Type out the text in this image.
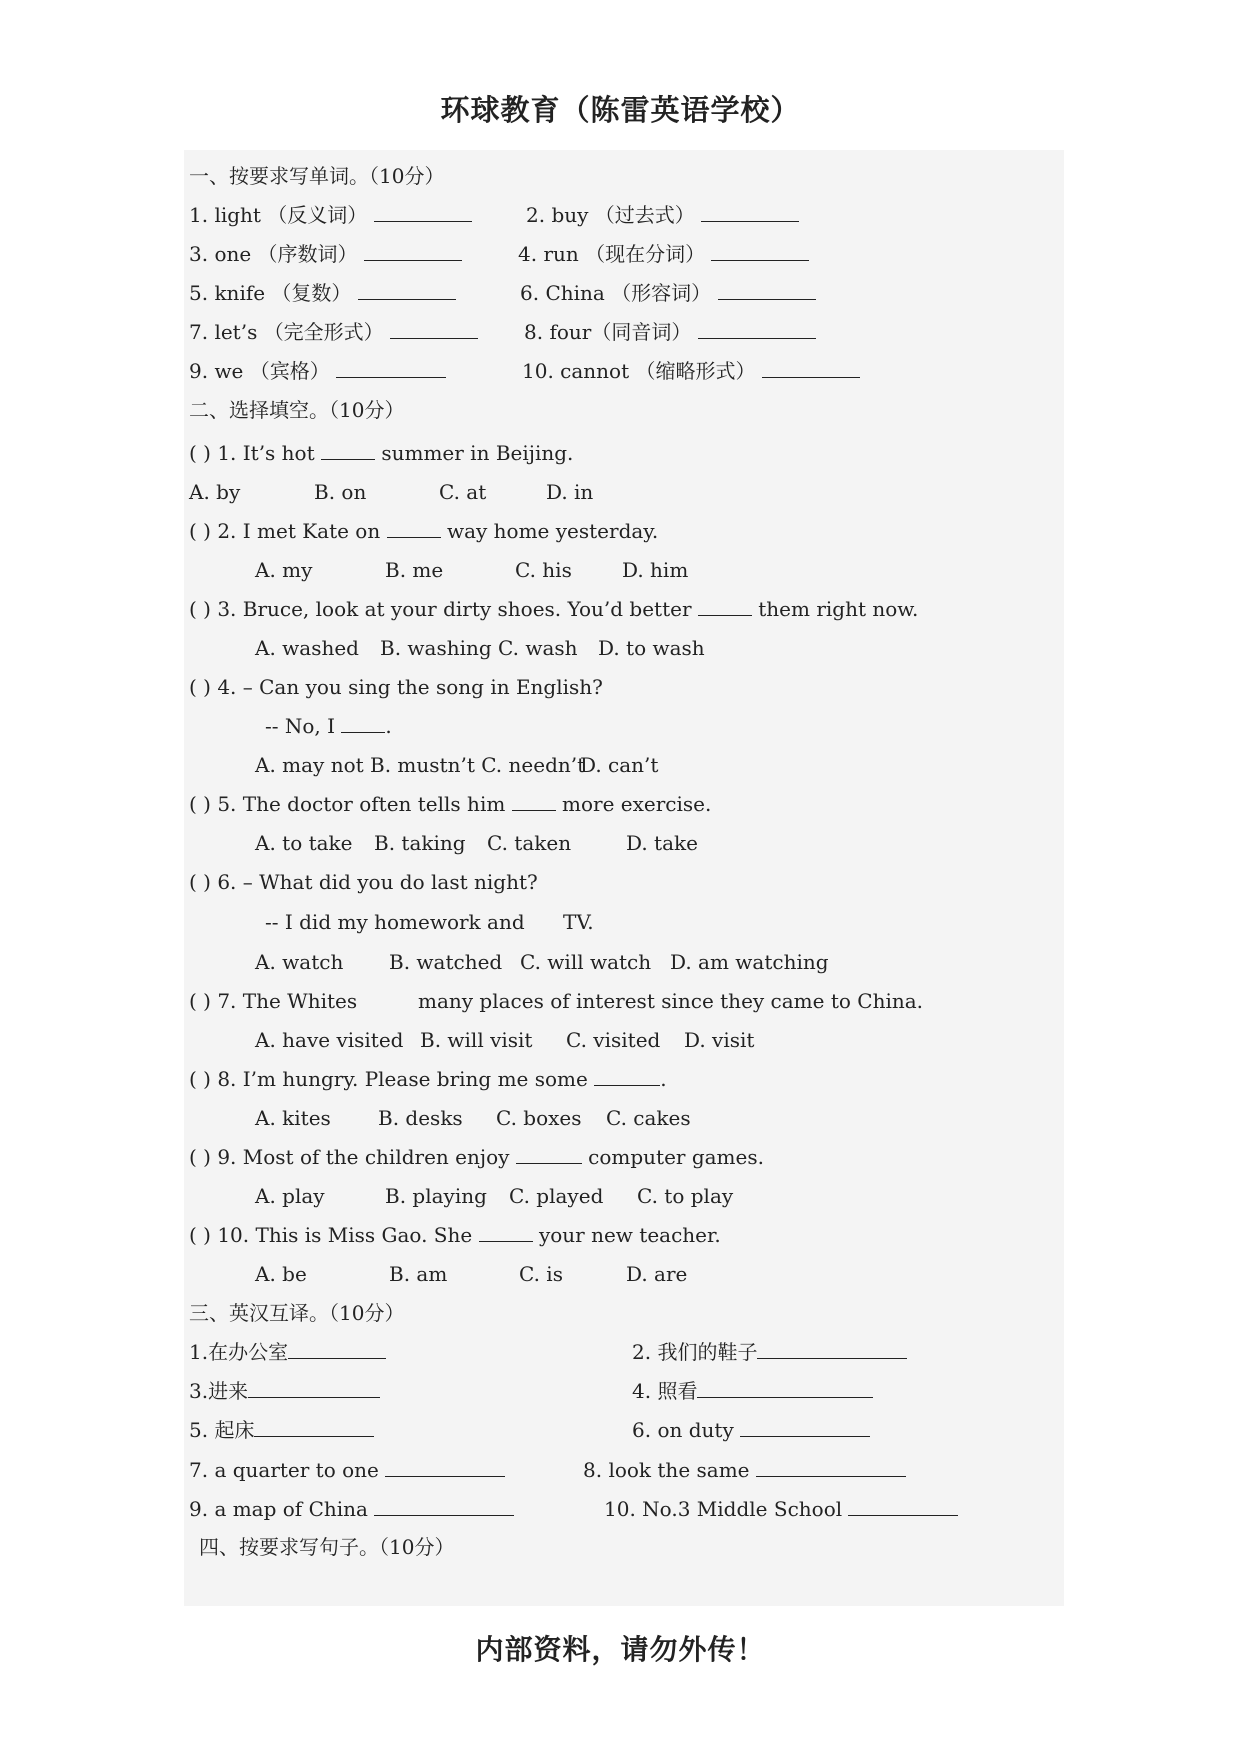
环球教育（陈雷英语学校）
一、按要求写单词。（10分）
1. light （反义词）	2. buy （过去式）
3. one （序数词）	4. run （现在分词）
5. knife （复数）	6. China （形容词）
7. let’s （完全形式）	8. four（同音词）
9. we （宾格）	10. cannot （缩略形式）
二、选择填空。（10分）
( ) 1. It’s hot	summer in Beijing.
A. by	B. on	C. at	D. in
( ) 2. I met Kate on	way home yesterday.
A. my	B. me	C. his	D. him
( ) 3. Bruce, look at your dirty shoes. You’d better	them right now.
A. washed B. washing C. wash D. to wash
( ) 4. – Can you sing the song in English?
-- No, I .
A. may not B. mustn’t C. needn’t
D. can’t
( ) 5. The doctor often tells him  more exercise.
A. to take B. taking C. taken	D. take
( ) 6. – What did you do last night?
-- I did my homework and TV.
A. watch B. watched C. will watch D. am watching
( ) 7. The Whites	many places of interest since they came to China.
A. have visited B. will visit C. visited D. visit
( ) 8. I’m hungry. Please bring me some	.
A. kites B. desks C. boxes C. cakes
( ) 9. Most of the children enjoy	computer games.
A. play	B. playing C. played C. to play
( ) 10. This is Miss Gao. She	your new teacher.
A. be	B. am	C. is	D. are
三、英汉互译。（10分）
1.在办公室	2. 我们的鞋子
3.进来	4. 照看
5. 起床	6. on duty
7. a quarter to one	8. look the same
9. a map of China	10. No.3 Middle School
四、按要求写句子。（10分）
内部资料，请勿外传！
